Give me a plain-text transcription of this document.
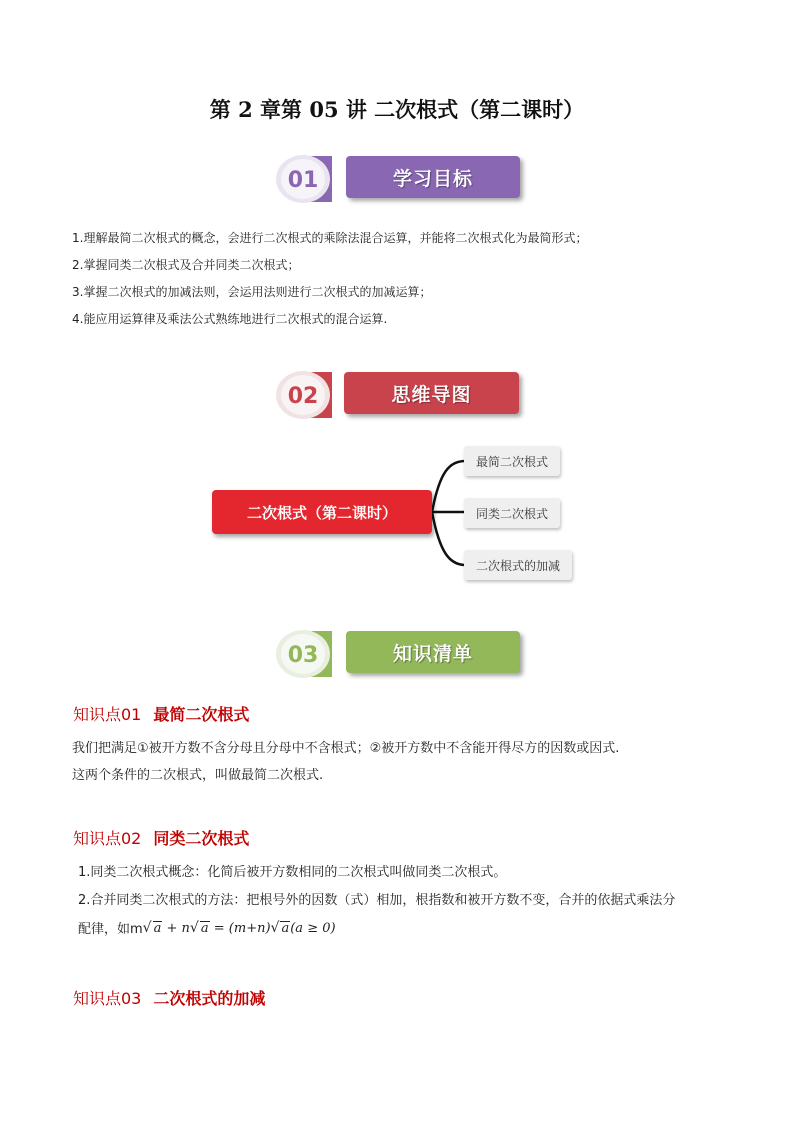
第 2 章第 05 讲 二次根式（第二课时）
01	学习目标
1.理解最简二次根式的概念，会进行二次根式的乘除法混合运算，并能将二次根式化为最简形式；
2.掌握同类二次根式及合并同类二次根式；
3.掌握二次根式的加减法则，会运用法则进行二次根式的加减运算；
4.能应用运算律及乘法公式熟练地进行二次根式的混合运算.
02	思维导图
二次根式（第二课时）
最简二次根式
同类二次根式
二次根式的加减
03	知识清单
知识点01 最简二次根式
我们把满足①被开方数不含分母且分母中不含根式；②被开方数中不含能开得尽方的因数或因式.
这两个条件的二次根式，叫做最简二次根式.
知识点02 同类二次根式
1.同类二次根式概念：化简后被开方数相同的二次根式叫做同类二次根式。
2.合并同类二次根式的方法：把根号外的因数（式）相加，根指数和被开方数不变，合并的依据式乘法分
配律，如m √ a + n√ a = (m+n)√ a(a ≥ 0)
知识点03 二次根式的加减
